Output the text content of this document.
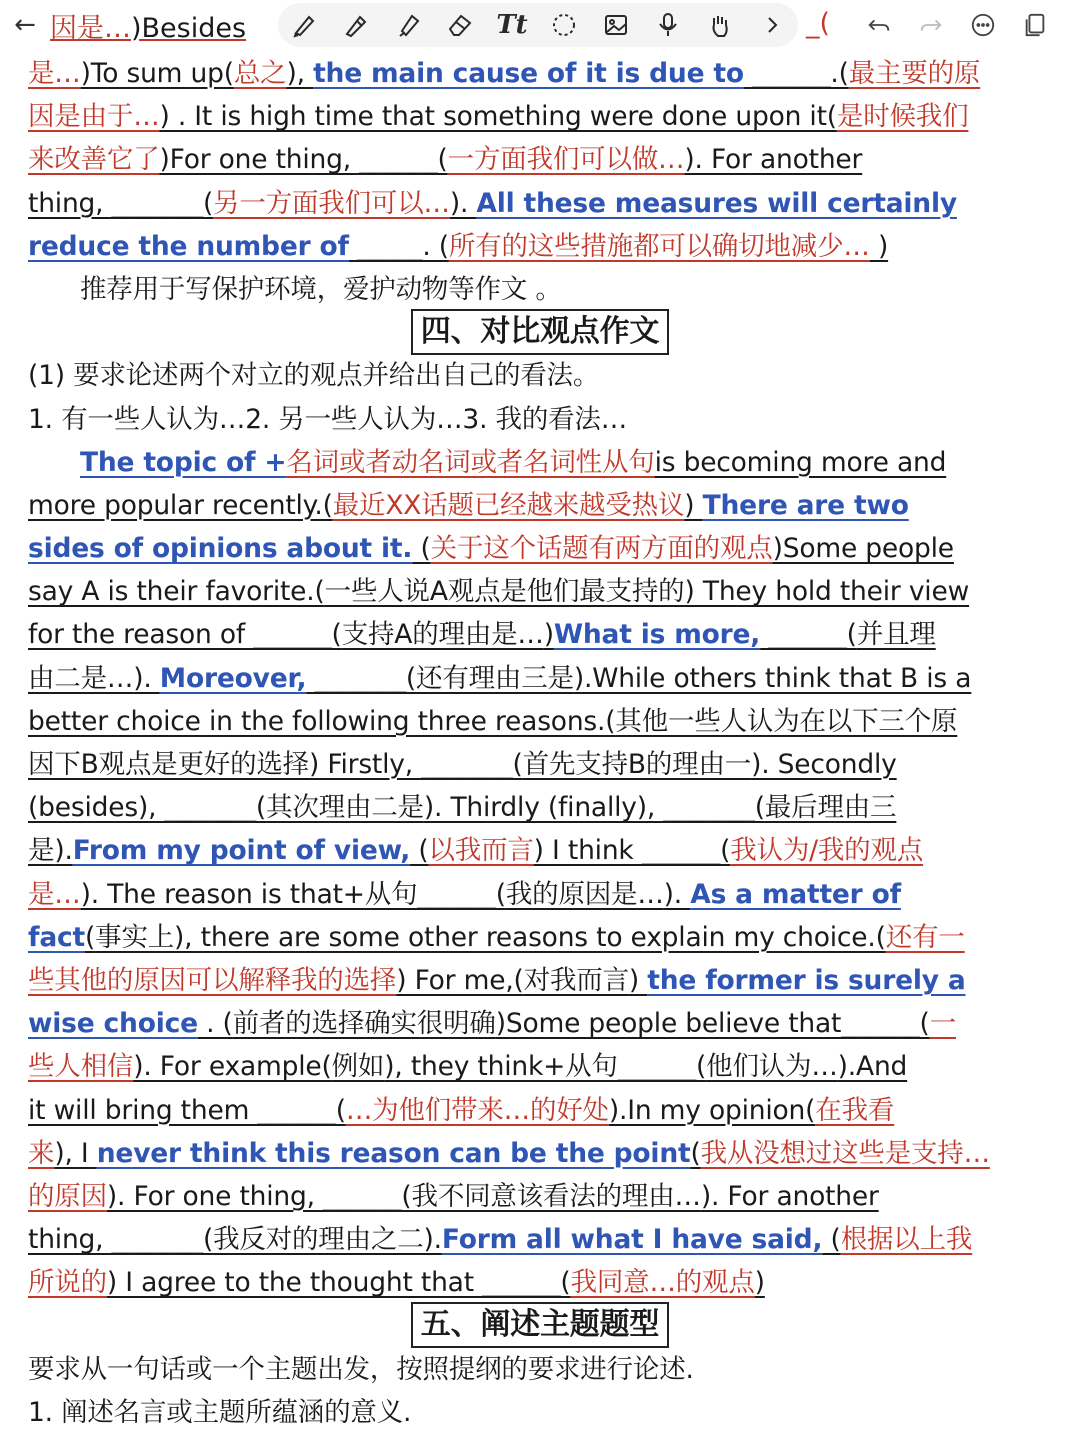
← 因是…)Besides	Tt	_(
是…)To sum up(总之), the main cause of it is due to ______.(最主要的原
因是由于…) . It is high time that something were done upon it(是时候我们
来改善它了)For one thing, ______(一方面我们可以做…). For another
thing, _______(另一方面我们可以…). All these measures will certainly
reduce the number of _____. (所有的这些措施都可以确切地减少… )
推荐用于写保护环境，爱护动物等作文 。
四、对比观点作文
(1) 要求论述两个对立的观点并给出自己的看法。
1. 有一些人认为…2. 另一些人认为…3. 我的看法…
The topic of +名词或者动名词或者名词性从句is becoming more and
more popular recently.(最近XX话题已经越来越受热议) There are two
sides of opinions about it. (关于这个话题有两方面的观点)Some people
say A is their favorite.(一些人说A观点是他们最支持的) They hold their view
for the reason of ______(支持A的理由是…)What is more, ______(并且理
由二是…). Moreover, _______(还有理由三是).While others think that B is a
better choice in the following three reasons.(其他一些人认为在以下三个原
因下B观点是更好的选择) Firstly, _______(首先支持B的理由一). Secondly
(besides), _______(其次理由二是). Thirdly (finally), _______(最后理由三
是).From my point of view, (以我而言) I think ______(我认为/我的观点
是…). The reason is that+从句______(我的原因是…). As a matter of
fact(事实上), there are some other reasons to explain my choice.(还有一
些其他的原因可以解释我的选择) For me,(对我而言) the former is surely a
wise choice . (前者的选择确实很明确)Some people believe that______(一
些人相信). For example(例如), they think+从句______(他们认为…).And
it will bring them ______(…为他们带来…的好处).In my opinion(在我看
来), I never think this reason can be the point(我从没想过这些是支持…
的原因). For one thing, ______(我不同意该看法的理由…). For another
thing, _______(我反对的理由之二).Form all what I have said, (根据以上我
所说的) I agree to the thought that ______(我同意…的观点)
五、阐述主题题型
要求从一句话或一个主题出发，按照提纲的要求进行论述.
1. 阐述名言或主题所蕴涵的意义.
